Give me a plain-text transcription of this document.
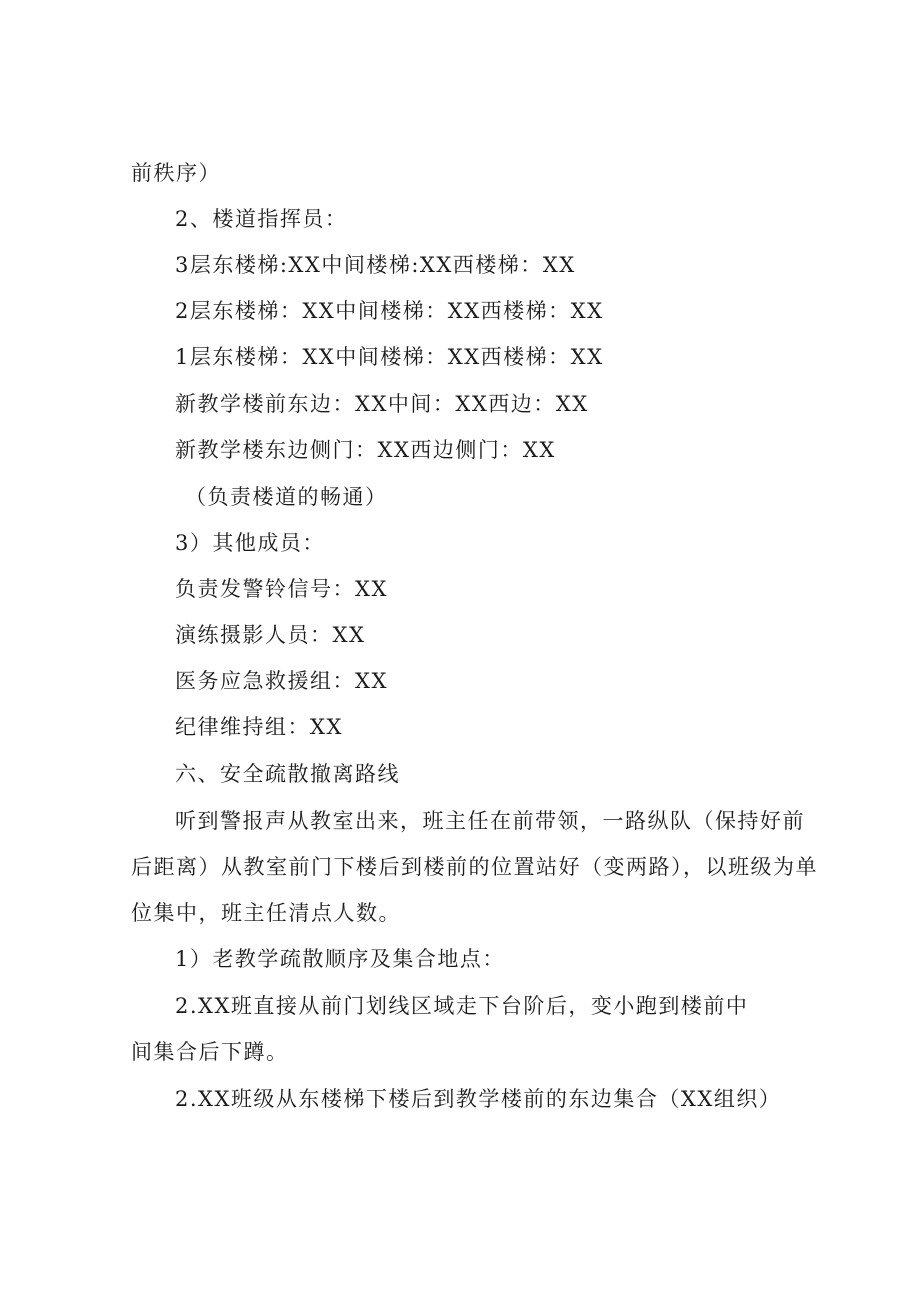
前秩序）
2、楼道指挥员：
3层东楼梯:XX中间楼梯:XX西楼梯：XX
2层东楼梯：XX中间楼梯：XX西楼梯：XX
1层东楼梯：XX中间楼梯：XX西楼梯：XX
新教学楼前东边：XX中间：XX西边：XX
新教学楼东边侧门：XX西边侧门：XX
（负责楼道的畅通）
3）其他成员：
负责发警铃信号：XX
演练摄影人员：XX
医务应急救援组：XX
纪律维持组：XX
六、安全疏散撤离路线
听到警报声从教室出来，班主任在前带领，一路纵队（保持好前
后距离）从教室前门下楼后到楼前的位置站好（变两路），以班级为单
位集中，班主任清点人数。
1）老教学疏散顺序及集合地点：
2.XX班直接从前门划线区域走下台阶后，变小跑到楼前中
间集合后下蹲。
2.XX班级从东楼梯下楼后到教学楼前的东边集合（XX组织）
